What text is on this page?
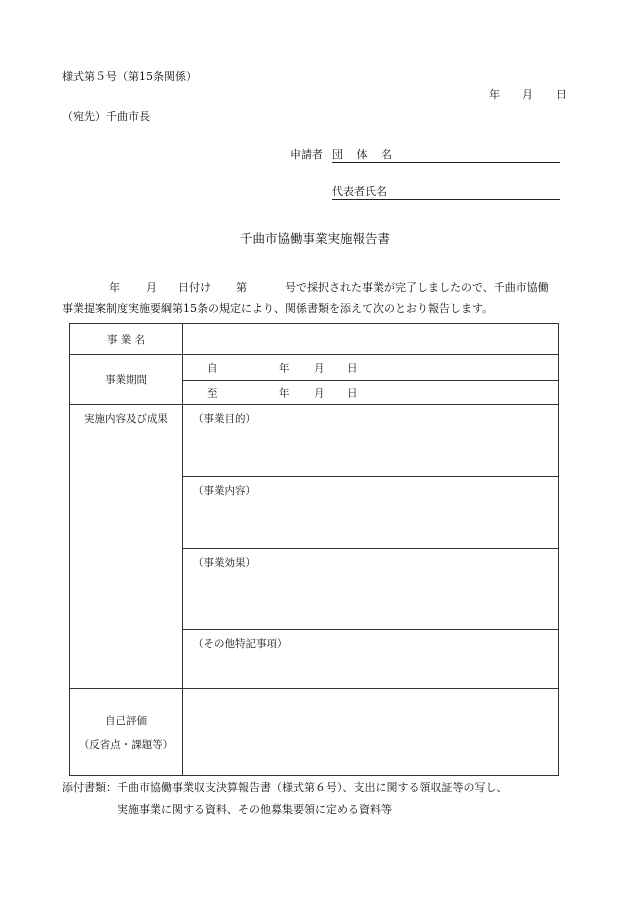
様式第５号（第15条関係）
年 月 日
（宛先）千曲市長
申請者 団 体 名
代表者氏名
千曲市協働事業実施報告書
年 月 日付け 第	号で採択された事業が完了しましたので、千曲市協働
事業提案制度実施要綱第15条の規定により、関係書類を添えて次のとおり報告します。
事 業 名	
事業期間	自 年 月 日

	至 年 月 日

実施内容及び成果	（事業目的）
	（事業内容）
	（事業効果）
	（その他特記事項）

自己評価
（反省点・課題等）	

添付書類：千曲市協働事業収支決算報告書（様式第６号）、支出に関する領収証等の写し、
実施事業に関する資料、その他募集要領に定める資料等
